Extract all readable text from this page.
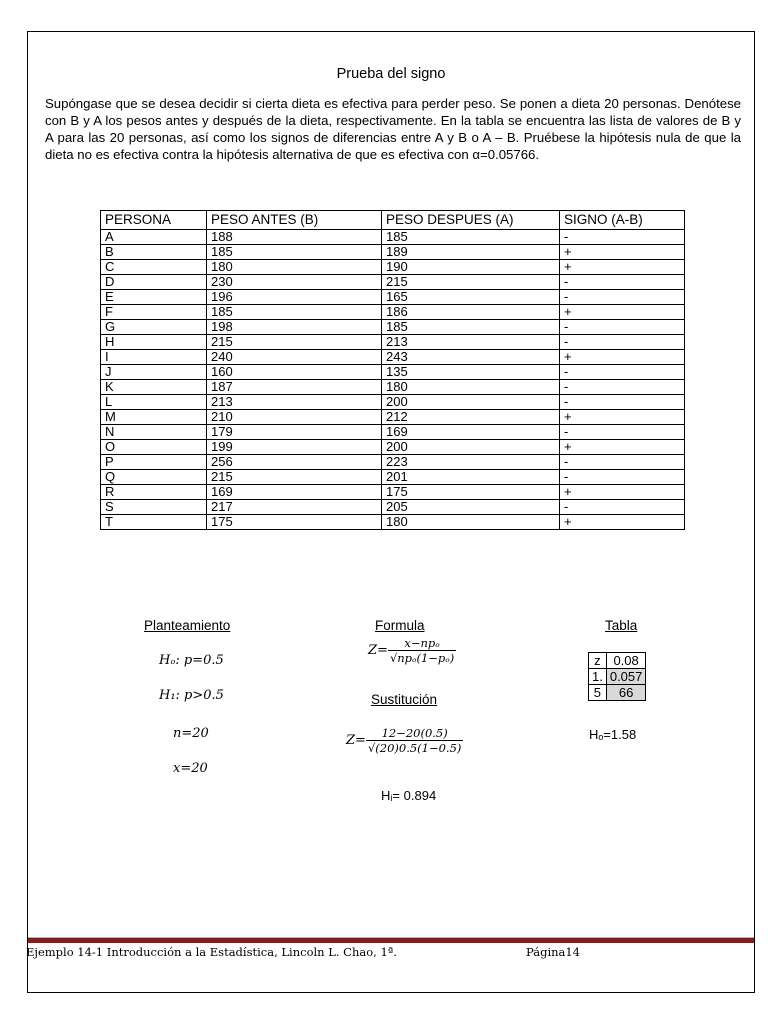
Prueba del signo
Supóngase que se desea decidir si cierta dieta es efectiva para perder peso. Se ponen a dieta 20 personas. Denótese con B y A los pesos antes y después de la dieta, respectivamente. En la tabla se encuentra las lista de valores de B y A para las 20 personas, así como los signos de diferencias entre A y B o A – B. Pruébese la hipótesis nula de que la dieta no es efectiva contra la hipótesis alternativa de que es efectiva con α=0.05766.
PERSONA	PESO ANTES (B)	PESO DESPUES (A)	SIGNO (A-B)
A	188	185	-
B	185	189	+
C	180	190	+
D	230	215	-
E	196	165	-
F	185	186	+
G	198	185	-
H	215	213	-
I	240	243	+
J	160	135	-
K	187	180	-
L	213	200	-
M	210	212	+
N	179	169	-
O	199	200	+
P	256	223	-
Q	215	201	-
R	169	175	+
S	217	205	-
T	175	180	+
Planteamiento
Hₒ: p=0.5
H₁: p>0.5
n=20
x=20
Formula
$Z= \frac{\text{x−npₒ}}{\text{√npₒ(1−pₒ)}}$
Sustitución
$Z= \frac{12-20(0.5)}{√(20)0.5(1-0.5)}$
Hᵢ= 0.894
Tabla
z	0.08
1.	0.057
5	66
Hₒ=1.58
Ejemplo 14-1 Introducción a la Estadística, Lincoln L. Chao, 1ª.	Página14
